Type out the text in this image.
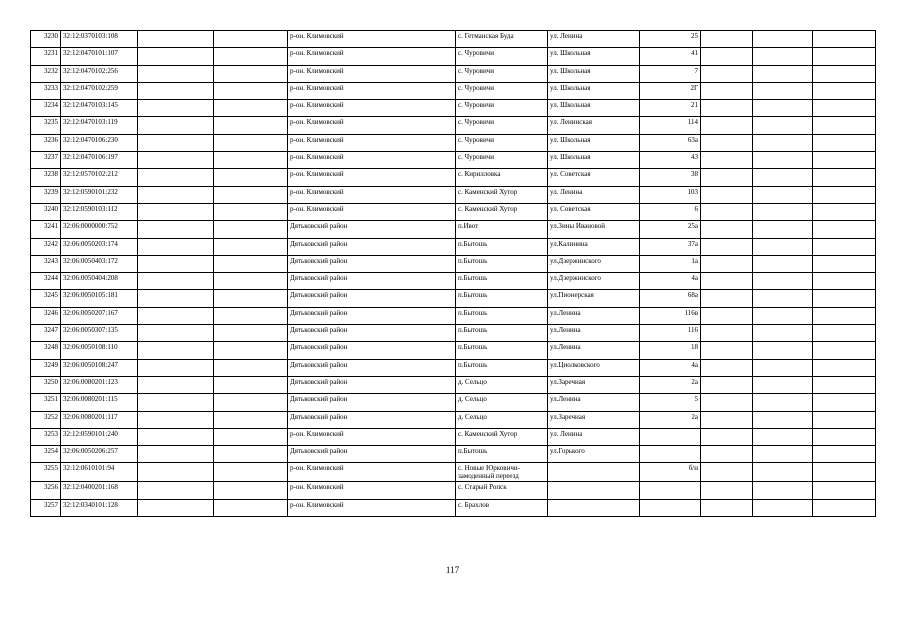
3230	32:12:0370103:108			р-он. Климовский	с. Гетманская Буда	ул. Ленина	25			
3231	32:12:0470101:107			р-он. Климовский	с. Чуровичи	ул. Школьная	41			
3232	32:12:0470102:256			р-он. Климовский	с. Чуровичи	ул. Школьная	7			
3233	32:12:0470102:259			р-он. Климовский	с. Чуровичи	ул. Школьная	2Г			
3234	32:12:0470103:145			р-он. Климовский	с. Чуровичи	ул. Школьная	21			
3235	32:12:0470103:119			р-он. Климовский	с. Чуровичи	ул. Ленинская	114			
3236	32:12:0470106:230			р-он. Климовский	с. Чуровичи	ул. Школьная	63а			
3237	32:12:0470106:197			р-он. Климовский	с. Чуровичи	ул. Школьная	43			
3238	32:12:0570102:212			р-он. Климовский	с. Кирилловка	ул. Советская	38			
3239	32:12:0590101:232			р-он. Климовский	с. Каменский Хутор	ул. Ленина	103			
3240	32:12:0590103:112			р-он. Климовский	с. Каменский Хутор	ул. Советская	6			
3241	32:06:0000000:752			Дятьковский район	п.Ивот	ул.Зины Ивановой	25а			
3242	32:06:0050203:174			Дятьковский район	п.Бытошь	ул.Калинина	37а			
3243	32:06:0050403:172			Дятьковский район	п.Бытошь	ул.Дзержинского	1а			
3244	32:06:0050404:208			Дятьковский район	п.Бытошь	ул.Дзержинского	4а			
3245	32:06:0050105:181			Дятьковский район	п.Бытошь	ул.Пионерская	68а			
3246	32:06:0050207:167			Дятьковский район	п.Бытошь	ул.Ленина	116в			
3247	32:06:0050307:135			Дятьковский район	п.Бытошь	ул.Ленина	116			
3248	32:06:0050108:110			Дятьковский район	п.Бытошь	ул.Ленина	18			
3249	32:06:0050108:247			Дятьковский район	п.Бытошь	ул.Циолковского	4а			
3250	32:06:0080201:123			Дятьковский район	д. Сельцо	ул.Заречная	2а			
3251	32:06:0080201:115			Дятьковский район	д. Сельцо	ул.Ленина	5			
3252	32:06:0080201:117			Дятьковский район	д. Сельцо	ул.Заречная	2а			
3253	32:12:0590101:240			р-он. Климовский	с. Каменский Хутор	ул. Ленина				
3254	32:06:0050206:257			Дятьковский район	п.Бытошь	ул.Горького				
3255	32:12:0610101:94			р-он. Климовский	с. Новые Юрковичи-замоденный переезд		б/н			
3256	32:12:0400201:168			р-он. Климовский	с. Старый Ропск					
3257	32:12:0340101:128			р-он. Климовский	с. Брахлов					
117
